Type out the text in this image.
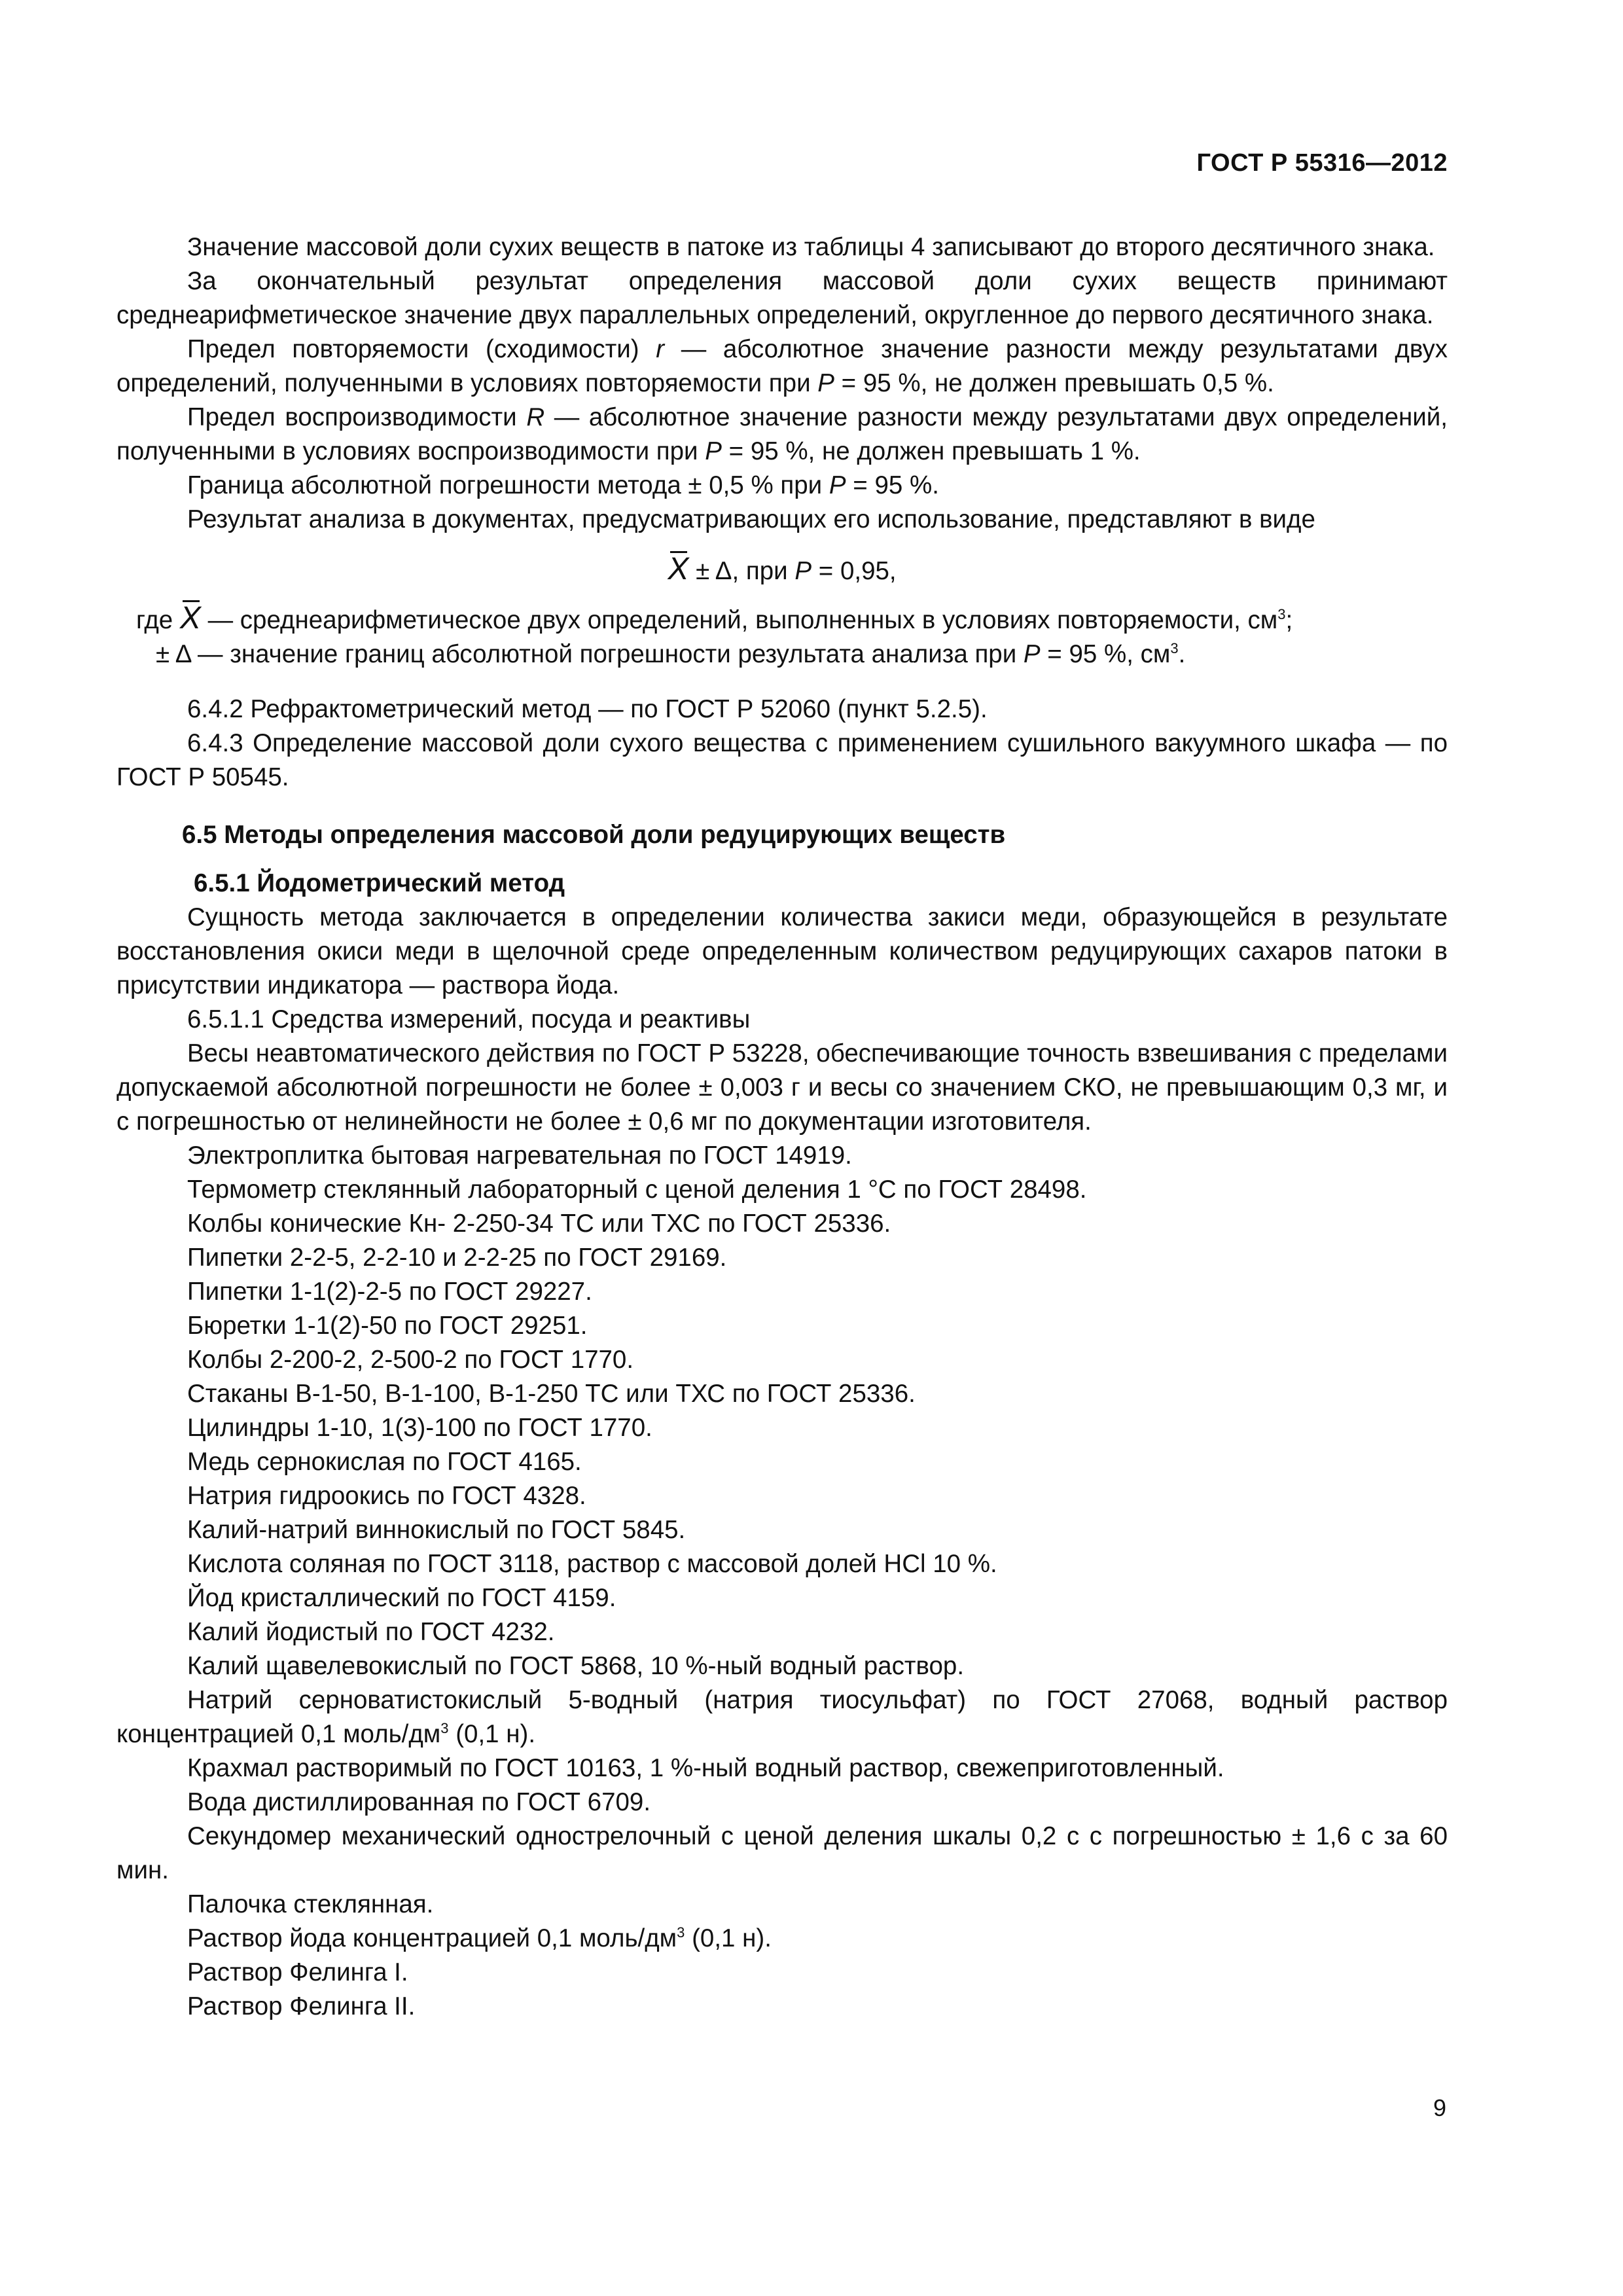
ГОСТ Р 55316—2012

Значение массовой доли сухих веществ в патоке из таблицы 4 записывают до второго десятичного знака.

За окончательный результат определения массовой доли сухих веществ принимают среднеарифметическое значение двух параллельных определений, округленное до первого десятичного знака.

Предел повторяемости (сходимости) r — абсолютное значение разности между результатами двух определений, полученными в условиях повторяемости при P = 95 %, не должен превышать 0,5 %.

Предел воспроизводимости R — абсолютное значение разности между результатами двух определений, полученными в условиях воспроизводимости при P = 95 %, не должен превышать 1 %.

Граница абсолютной погрешности метода ± 0,5 % при P = 95 %.

Результат анализа в документах, предусматривающих его использование, представляют в виде

X ± Δ, при P = 0,95,

где X — среднеарифметическое двух определений, выполненных в условиях повторяемости, $см^3$;

± Δ — значение границ абсолютной погрешности результата анализа при P = 95 %, $см^3$.

6.4.2 Рефрактометрический метод — по ГОСТ Р 52060 (пункт 5.2.5).

6.4.3 Определение массовой доли сухого вещества с применением сушильного вакуумного шкафа — по ГОСТ Р 50545.

6.5 Методы определения массовой доли редуцирующих веществ

6.5.1 Йодометрический метод

Сущность метода заключается в определении количества закиси меди, образующейся в результате восстановления окиси меди в щелочной среде определенным количеством редуцирующих сахаров патоки в присутствии индикатора — раствора йода.

6.5.1.1 Средства измерений, посуда и реактивы

Весы неавтоматического действия по ГОСТ Р 53228, обеспечивающие точность взвешивания с пределами допускаемой абсолютной погрешности не более ± 0,003 г и весы со значением СКО, не превышающим 0,3 мг, и с погрешностью от нелинейности не более ± 0,6 мг по документации изготовителя.

Электроплитка бытовая нагревательная по ГОСТ 14919.

Термометр стеклянный лабораторный с ценой деления 1 °С по ГОСТ 28498.

Колбы конические Кн- 2-250-34 ТС или ТХС по ГОСТ 25336.

Пипетки 2-2-5, 2-2-10 и 2-2-25 по ГОСТ 29169.

Пипетки 1-1(2)-2-5 по ГОСТ 29227.

Бюретки 1-1(2)-50 по ГОСТ 29251.

Колбы 2-200-2, 2-500-2 по ГОСТ 1770.

Стаканы В-1-50, В-1-100, В-1-250 ТС или ТХС по ГОСТ 25336.

Цилиндры 1-10, 1(3)-100 по ГОСТ 1770.

Медь сернокислая по ГОСТ 4165.

Натрия гидроокись по ГОСТ 4328.

Калий-натрий виннокислый по ГОСТ 5845.

Кислота соляная по ГОСТ 3118, раствор с массовой долей HCl 10 %.

Йод кристаллический по ГОСТ 4159.

Калий йодистый по ГОСТ 4232.

Калий щавелевокислый по ГОСТ 5868, 10 %-ный водный раствор.

Натрий серноватистокислый 5-водный (натрия тиосульфат) по ГОСТ 27068, водный раствор концентрацией 0,1 моль/$дм^3$ (0,1 н).

Крахмал растворимый по ГОСТ 10163, 1 %-ный водный раствор, свежеприготовленный.

Вода дистиллированная по ГОСТ 6709.

Секундомер механический однострелочный с ценой деления шкалы 0,2 с с погрешностью ± 1,6 с за 60 мин.

Палочка стеклянная.

Раствор йода концентрацией 0,1 моль/$дм^3$ (0,1 н).

Раствор Фелинга I.

Раствор Фелинга II.

9
